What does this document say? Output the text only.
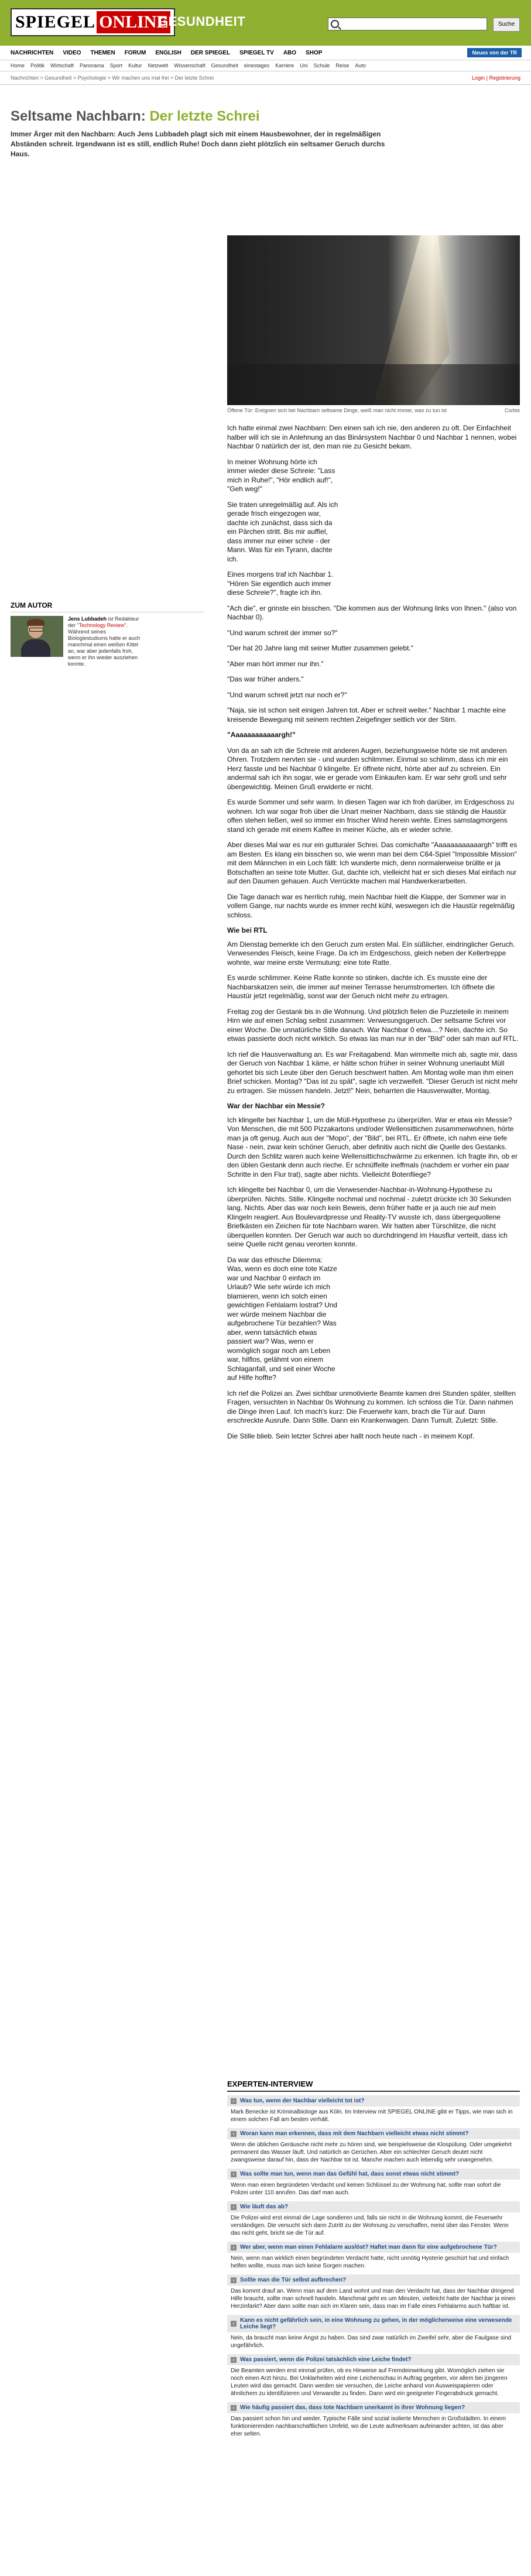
SPIEGEL ONLINE
GESUNDHEIT	Suche
NACHRICHTEN VIDEO THEMEN FORUM ENGLISH DER SPIEGEL SPIEGEL TV ABO SHOP	Neues von der TR
Home Politik Wirtschaft Panorama Sport Kultur Netzwelt Wissenschaft Gesundheit einestages Karriere Uni Schule Reise Auto
Nachrichten > Gesundheit > Psychologie > Wir machen uns mal frei > Der letzte Schrei	Login | Registrierung
Seltsame Nachbarn: Der letzte Schrei
Immer Ärger mit den Nachbarn: Auch Jens Lubbadeh plagt sich mit einem Hausbewohner, der in regelmäßigen Abständen schreit. Irgendwann ist es still, endlich Ruhe! Doch dann zieht plötzlich ein seltsamer Geruch durchs Haus.
Öffene Tür: Ereignen sich bei Nachbarn seltsame Dinge, weiß man nicht immer, was zu tun ist	Corbis
ZUM AUTOR
Jens Lubbadeh ist Redakteur der "Technology Review". Während seines Biologiestudiums hatte er auch manchmal einen weißen Kittel an, war aber jedenfalls froh, wenn er ihn wieder ausziehen konnte.

Ich hatte einmal zwei Nachbarn: Den einen sah ich nie, den anderen zu oft. Der Einfachheit halber will ich sie in Anlehnung an das Binärsystem Nachbar 0 und Nachbar 1 nennen, wobei Nachbar 0 natürlich der ist, den man nie zu Gesicht bekam.

In meiner Wohnung hörte ich immer wieder diese Schreie: "Lass mich in Ruhe!", "Hör endlich auf!", "Geh weg!"

Sie traten unregelmäßig auf. Als ich gerade frisch eingezogen war, dachte ich zunächst, dass sich da ein Pärchen stritt. Bis mir auffiel, dass immer nur einer schrie - der Mann. Was für ein Tyrann, dachte ich.

Eines morgens traf ich Nachbar 1. "Hören Sie eigentlich auch immer diese Schreie?", fragte ich ihn.

"Ach die", er grinste ein bisschen. "Die kommen aus der Wohnung links von Ihnen." (also von Nachbar 0).

"Und warum schreit der immer so?"

"Der hat 20 Jahre lang mit seiner Mutter zusammen gelebt."

"Aber man hört immer nur ihn."

"Das war früher anders."

"Und warum schreit jetzt nur noch er?"

"Naja, sie ist schon seit einigen Jahren tot. Aber er schreit weiter." Nachbar 1 machte eine kreisende Bewegung mit seinem rechten Zeigefinger seitlich vor der Stirn.

"Aaaaaaaaaaaargh!"

Von da an sah ich die Schreie mit anderen Augen, beziehungsweise hörte sie mit anderen Ohren. Trotzdem nervten sie - und wurden schlimmer. Einmal so schlimm, dass ich mir ein Herz fasste und bei Nachbar 0 klingelte. Er öffnete nicht, hörte aber auf zu schreien. Ein andermal sah ich ihn sogar, wie er gerade vom Einkaufen kam. Er war sehr groß und sehr übergewichtig. Meinen Gruß erwiderte er nicht.

Es wurde Sommer und sehr warm. In diesen Tagen war ich froh darüber, im Erdgeschoss zu wohnen. Ich war sogar froh über die Unart meiner Nachbarn, dass sie ständig die Haustür offen stehen ließen, weil so immer ein frischer Wind herein wehte. Eines samstagmorgens stand ich gerade mit einem Kaffee in meiner Küche, als er wieder schrie.

Aber dieses Mal war es nur ein gutturaler Schrei. Das comichafte "Aaaaaaaaaaaargh" trifft es am Besten. Es klang ein bisschen so, wie wenn man bei dem C64-Spiel "Impossible Mission" mit dem Männchen in ein Loch fällt: Ich wunderte mich, denn normalerweise brüllte er ja Botschaften an seine tote Mutter. Gut, dachte ich, vielleicht hat er sich dieses Mal einfach nur auf den Daumen gehauen. Auch Verrückte machen mal Handwerkerarbeiten.

Die Tage danach war es herrlich ruhig, mein Nachbar hielt die Klappe, der Sommer war in vollem Gange, nur nachts wurde es immer recht kühl, weswegen ich die Haustür regelmäßig schloss.

Wie bei RTL

Am Dienstag bemerkte ich den Geruch zum ersten Mal. Ein süßlicher, eindringlicher Geruch. Verwesendes Fleisch, keine Frage. Da ich im Erdgeschoss, gleich neben der Kellertreppe wohnte, war meine erste Vermutung: eine tote Ratte.

Es wurde schlimmer. Keine Ratte konnte so stinken, dachte ich. Es musste eine der Nachbarskatzen sein, die immer auf meiner Terrasse herumstromerten. Ich öffnete die Haustür jetzt regelmäßig, sonst war der Geruch nicht mehr zu ertragen.

Freitag zog der Gestank bis in die Wohnung. Und plötzlich fielen die Puzzleteile in meinem Hirn wie auf einen Schlag selbst zusammen: Verwesungsgeruch. Der seltsame Schrei vor einer Woche. Die unnatürliche Stille danach. War Nachbar 0 etwa....? Nein, dachte ich. So etwas passierte doch nicht wirklich. So etwas las man nur in der "Bild" oder sah man auf RTL.

Ich rief die Hausverwaltung an. Es war Freitagabend. Man wimmelte mich ab, sagte mir, dass der Geruch von Nachbar 1 käme, er hätte schon früher in seiner Wohnung unerlaubt Müll gehortet bis sich Leute über den Geruch beschwert hatten. Am Montag wolle man ihm einen Brief schicken. Montag? "Das ist zu spät", sagte ich verzweifelt. "Dieser Geruch ist nicht mehr zu ertragen. Sie müssen handeln. Jetzt!" Nein, beharrten die Hausverwalter, Montag.

War der Nachbar ein Messie?

Ich klingelte bei Nachbar 1, um die Müll-Hypothese zu überprüfen. War er etwa ein Messie? Von Menschen, die mit 500 Pizzakartons und/oder Wellensittichen zusammenwohnen, hörte man ja oft genug. Auch aus der "Mopo", der "Bild", bei RTL. Er öffnete, ich nahm eine tiefe Nase - nein, zwar kein schöner Geruch, aber definitiv auch nicht die Quelle des Gestanks. Durch den Schlitz waren auch keine Wellensittichschwärme zu erkennen. Ich fragte ihn, ob er den üblen Gestank denn auch rieche. Er schnüffelte ineffmals (nachdem er vorher ein paar Schritte in den Flur trat), sagte aber nichts. Vielleicht Botenfliege?

Ich klingelte bei Nachbar 0, um die Verwesender-Nachbar-in-Wohnung-Hypothese zu überprüfen. Nichts. Stille. Klingelte nochmal und nochmal - zuletzt drückte ich 30 Sekunden lang. Nichts. Aber das war noch kein Beweis, denn früher hatte er ja auch nie auf mein Klingeln reagiert. Aus Boulevardpresse und Reality-TV wusste ich, dass übergequollene Briefkästen ein Zeichen für tote Nachbarn waren. Wir hatten aber Türschlitze, die nicht überquellen konnten. Der Geruch war auch so durchdringend im Hausflur verteilt, dass ich seine Quelle nicht genau verorten konnte.

Da war das ethische Dilemma: Was, wenn es doch eine tote Katze war und Nachbar 0 einfach im Urlaub? Wie sehr würde ich mich blamieren, wenn ich solch einen gewichtigen Fehlalarm lostrat? Und wer würde meinem Nachbar die aufgebrochene Tür bezahlen? Was aber, wenn tatsächlich etwas passiert war? Was, wenn er womöglich sogar noch am Leben war, hilflos, gelähmt von einem Schlaganfall, und seit einer Woche auf Hilfe hoffte?

Ich rief die Polizei an. Zwei sichtbar unmotivierte Beamte kamen drei Stunden später, stellten Fragen, versuchten in Nachbar 0s Wohnung zu kommen. Ich schloss die Tür. Dann nahmen die Dinge ihren Lauf. Ich mach's kurz: Die Feuerwehr kam, brach die Tür auf. Dann erschreckte Ausrufe. Dann Stille. Dann ein Krankenwagen. Dann Tumult. Zuletzt: Stille.

Die Stille blieb. Sein letzter Schrei aber hallt noch heute nach - in meinem Kopf.

EXPERTEN-INTERVIEW
› Was tun, wenn der Nachbar vielleicht tot ist?
Mark Benecke ist Kriminalbiologe aus Köln. Im Interview mit SPIEGEL ONLINE gibt er Tipps, wie man sich in einem solchen Fall am besten verhält.
› Woran kann man erkennen, dass mit dem Nachbarn vielleicht etwas nicht stimmt?
Wenn die üblichen Geräusche nicht mehr zu hören sind, wie beispielsweise die Klospülung. Oder umgekehrt permanent das Wasser läuft. Und natürlich an Gerüchen. Aber ein schlechter Geruch deutet nicht zwangsweise darauf hin, dass der Nachbar tot ist. Manche machen auch lebendig sehr unangenehm.
› Was sollte man tun, wenn man das Gefühl hat, dass sonst etwas nicht stimmt?
Wenn man einen begründeten Verdacht und keinen Schlüssel zu der Wohnung hat, sollte man sofort die Polizei unter 110 anrufen. Das darf man auch.
› Wie läuft das ab?
Die Polizei wird erst einmal die Lage sondieren und, falls sie nicht in die Wohnung kommt, die Feuerwehr verständigen. Die versucht sich dann Zutritt zu der Wohnung zu verschaffen, meist über das Fenster. Wenn das nicht geht, bricht sie die Tür auf.
› Wer aber, wenn man einen Fehlalarm auslöst? Haftet man dann für eine aufgebrochene Tür?
Nein, wenn man wirklich einen begründeten Verdacht hatte, nicht unnötig Hysterie geschürt hat und einfach helfen wollte, muss man sich keine Sorgen machen.
› Sollte man die Tür selbst aufbrechen?
Das kommt drauf an. Wenn man auf dem Land wohnt und man den Verdacht hat, dass der Nachbar dringend Hilfe braucht, sollte man schnell handeln. Manchmal geht es um Minuten, vielleicht hatte der Nachbar ja einen Herzinfarkt? Aber dann sollte man sich im Klaren sein, dass man im Falle eines Fehlalarms auch haftbar ist.
› Kann es nicht gefährlich sein, in eine Wohnung zu gehen, in der möglicherweise eine verwesende Leiche liegt?
Nein, da braucht man keine Angst zu haben. Das sind zwar natürlich im Zweifel sehr, aber die Faulgase sind ungefährlich.
› Was passiert, wenn die Polizei tatsächlich eine Leiche findet?
Die Beamten werden erst einmal prüfen, ob es Hinweise auf Fremdeinwirkung gibt. Womöglich ziehen sie noch einen Arzt hinzu. Bei Unklarheiten wird eine Leichenschau in Auftrag gegeben, vor allem bei jüngeren Leuten wird das gemacht. Dann werden sie versuchen, die Leiche anhand von Ausweispapieren oder ähnlichem zu identifizieren und Verwandte zu finden. Dann wird ein geeigneter Fingerabdruck gemacht.
› Wie häufig passiert das, dass tote Nachbarn unerkannt in ihrer Wohnung liegen?
Das passiert schon hin und wieder. Typische Fälle sind sozial isolierte Menschen in Großstädten. In einem funktionierenden nachbarschaftlichen Umfeld, wo die Leute aufmerksam aufeinander achten, ist das aber eher selten.
